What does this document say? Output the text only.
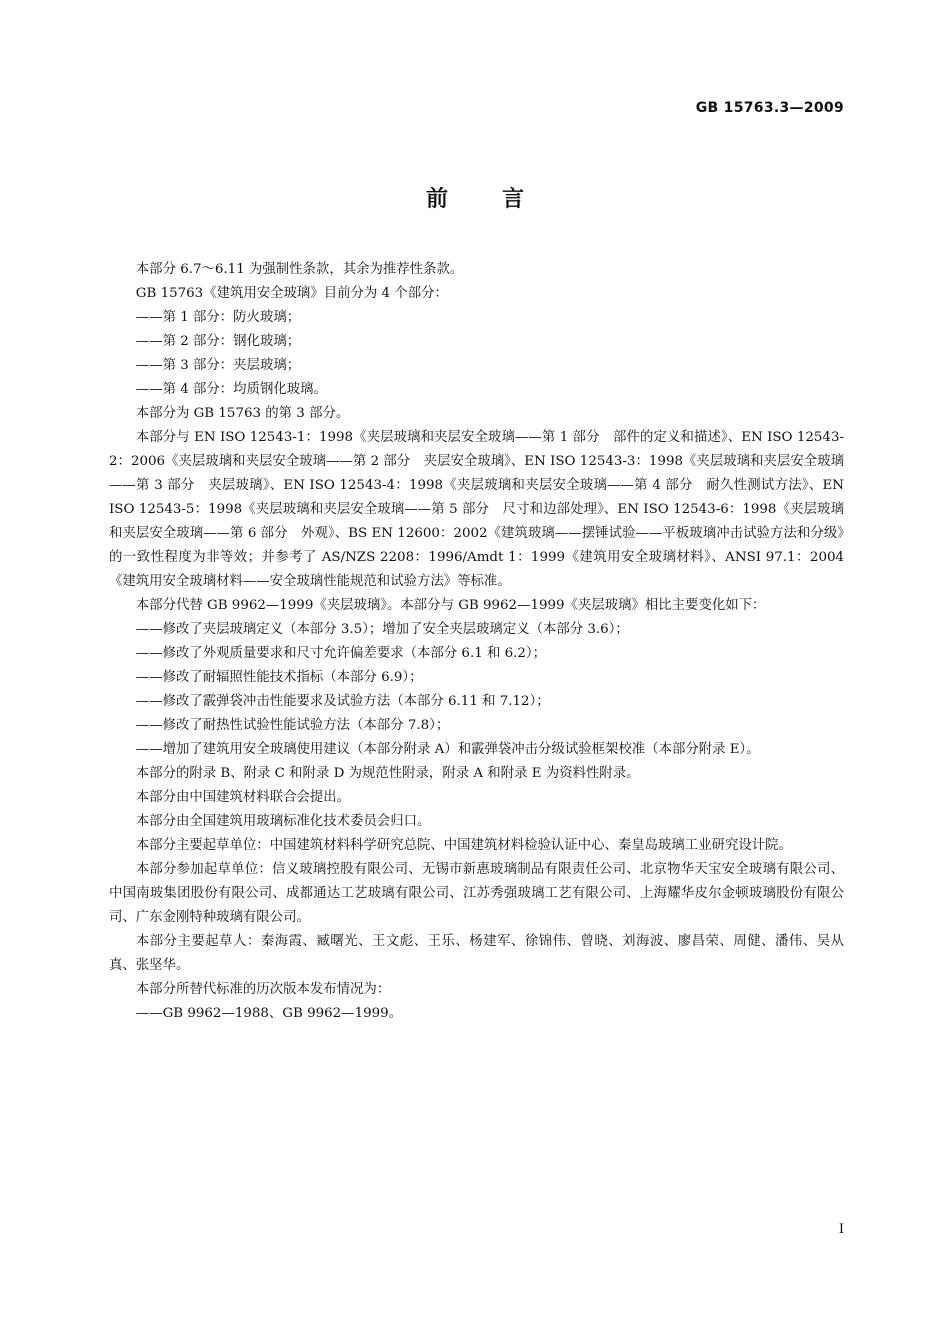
GB 15763.3—2009
前言
本部分 6.7～6.11 为强制性条款，其余为推荐性条款。
GB 15763《建筑用安全玻璃》目前分为 4 个部分：
——第 1 部分：防火玻璃；
——第 2 部分：钢化玻璃；
——第 3 部分：夹层玻璃；
——第 4 部分：均质钢化玻璃。
本部分为 GB 15763 的第 3 部分。
本部分与 EN ISO 12543-1：1998《夹层玻璃和夹层安全玻璃——第 1 部分　部件的定义和描述》、EN ISO 12543-2：2006《夹层玻璃和夹层安全玻璃——第 2 部分　夹层安全玻璃》、EN ISO 12543-3：1998《夹层玻璃和夹层安全玻璃——第 3 部分　夹层玻璃》、EN ISO 12543-4：1998《夹层玻璃和夹层安全玻璃——第 4 部分　耐久性测试方法》、EN ISO 12543-5：1998《夹层玻璃和夹层安全玻璃——第 5 部分　尺寸和边部处理》、EN ISO 12543-6：1998《夹层玻璃和夹层安全玻璃——第 6 部分　外观》、BS EN 12600：2002《建筑玻璃——摆锤试验——平板玻璃冲击试验方法和分级》的一致性程度为非等效；并参考了 AS/NZS 2208：1996/Amdt 1：1999《建筑用安全玻璃材料》、ANSI 97.1：2004《建筑用安全玻璃材料——安全玻璃性能规范和试验方法》等标准。
本部分代替 GB 9962—1999《夹层玻璃》。本部分与 GB 9962—1999《夹层玻璃》相比主要变化如下：
——修改了夹层玻璃定义（本部分 3.5）；增加了安全夹层玻璃定义（本部分 3.6）；
——修改了外观质量要求和尺寸允许偏差要求（本部分 6.1 和 6.2）；
——修改了耐辐照性能技术指标（本部分 6.9）；
——修改了霰弹袋冲击性能要求及试验方法（本部分 6.11 和 7.12）；
——修改了耐热性试验性能试验方法（本部分 7.8）；
——增加了建筑用安全玻璃使用建议（本部分附录 A）和霰弹袋冲击分级试验框架校准（本部分附录 E）。
本部分的附录 B、附录 C 和附录 D 为规范性附录，附录 A 和附录 E 为资料性附录。
本部分由中国建筑材料联合会提出。
本部分由全国建筑用玻璃标准化技术委员会归口。
本部分主要起草单位：中国建筑材料科学研究总院、中国建筑材料检验认证中心、秦皇岛玻璃工业研究设计院。
本部分参加起草单位：信义玻璃控股有限公司、无锡市新惠玻璃制品有限责任公司、北京物华天宝安全玻璃有限公司、中国南玻集团股份有限公司、成都通达工艺玻璃有限公司、江苏秀强玻璃工艺有限公司、上海耀华皮尔金顿玻璃股份有限公司、广东金刚特种玻璃有限公司。
本部分主要起草人：秦海霞、臧曙光、王文彪、王乐、杨建军、徐锦伟、曾晓、刘海波、廖昌荣、周健、潘伟、吴从真、张坚华。
本部分所替代标准的历次版本发布情况为：
——GB 9962—1988、GB 9962—1999。
I
